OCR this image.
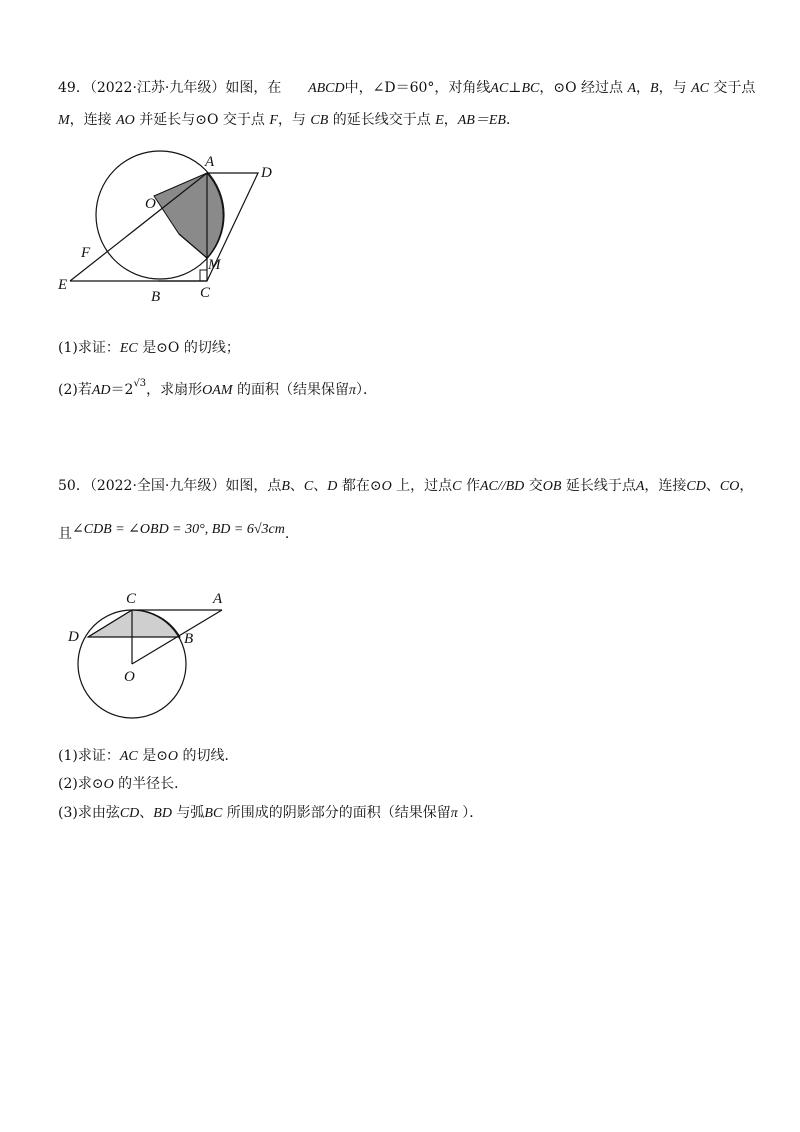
49．（2022·江苏·九年级）如图，在 ABCD中，∠D＝60°，对角线AC⊥BC，⊙O 经过点 A，B，与 AC 交于点
M，连接 AO 并延长与⊙O 交于点 F，与 CB 的延长线交于点 E，AB＝EB．
A
D
O
F
E
B	C
M
(1)求证：EC 是⊙O 的切线；
(2)若$AD=2^{√3}$，求扇形OAM 的面积（结果保留π）．
50．（2022·全国·九年级）如图，点B、C、D 都在⊙O 上，过点C 作AC//BD 交OB 延长线于点A，连接CD、CO，
且∠CDB = ∠OBD = 30°, BD = 6√3cm.
C	A
D	B
O
(1)求证：AC 是⊙O 的切线．
(2)求⊙O 的半径长．
(3)求由弦CD、BD 与弧BC 所围成的阴影部分的面积（结果保留π ）．
